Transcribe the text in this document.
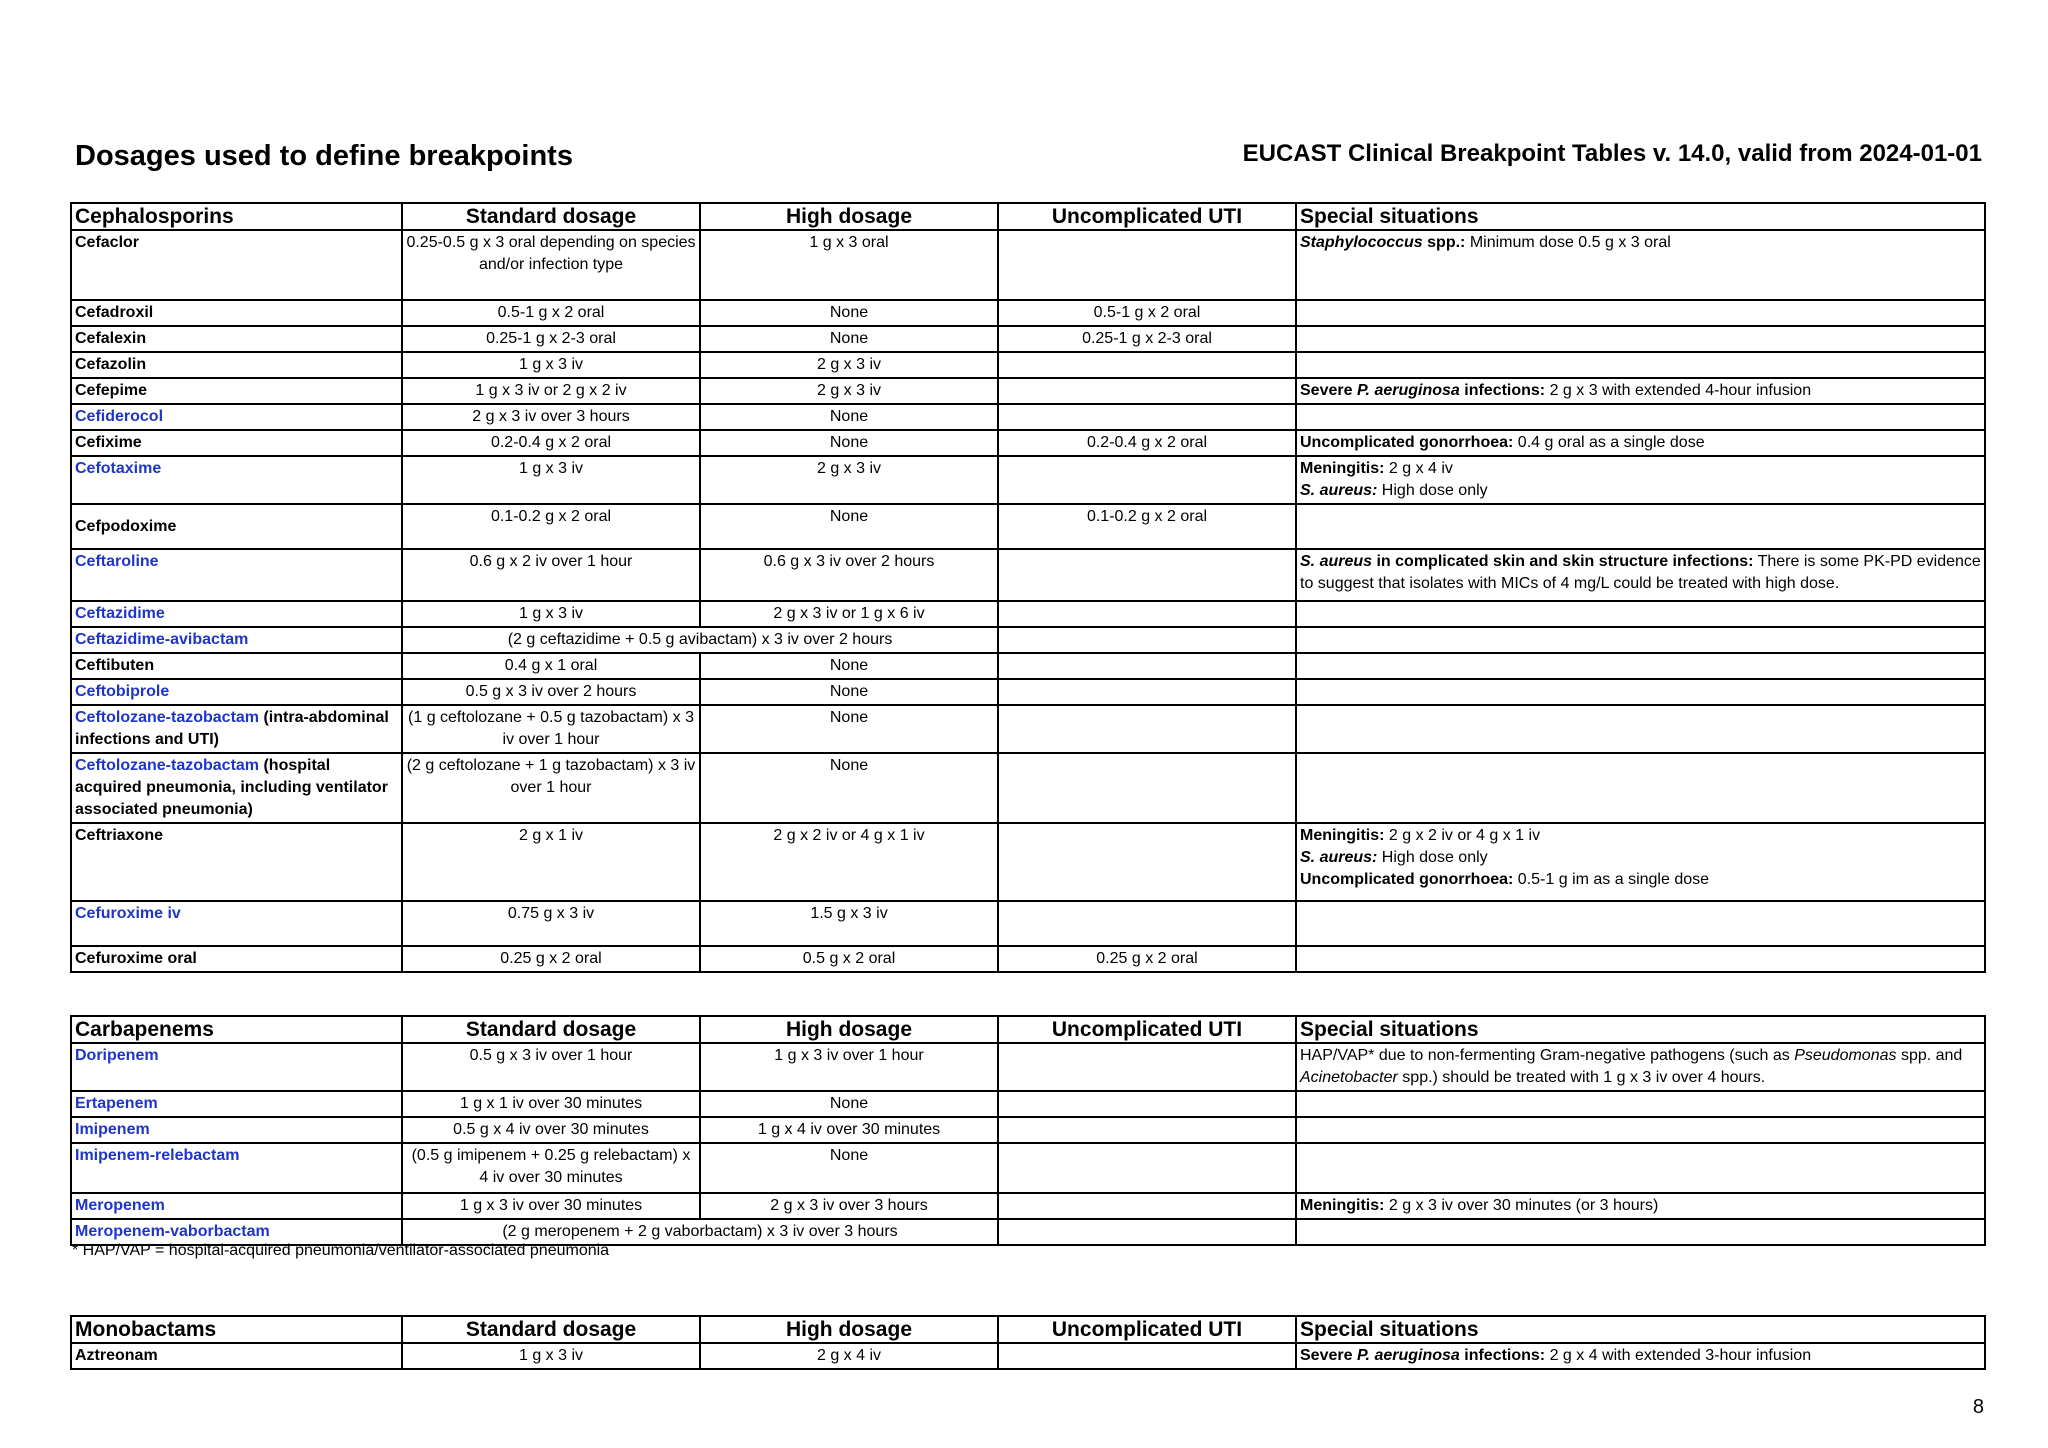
Dosages used to define breakpoints	EUCAST Clinical Breakpoint Tables v. 14.0, valid from 2024-01-01
Cephalosporins	Standard dosage	High dosage	Uncomplicated UTI	Special situations
Cefaclor	0.25-0.5 g x 3 oral depending on species and/or infection type	1 g x 3 oral		Staphylococcus spp.: Minimum dose 0.5 g x 3 oral
Cefadroxil	0.5-1 g x 2 oral	None	0.5-1 g x 2 oral	
Cefalexin	0.25-1 g x 2-3 oral	None	0.25-1 g x 2-3 oral	
Cefazolin	1 g x 3 iv	2 g x 3 iv		
Cefepime	1 g x 3 iv or 2 g x 2 iv	2 g x 3 iv		Severe P. aeruginosa infections: 2 g x 3 with extended 4-hour infusion
Cefiderocol	2 g x 3 iv over 3 hours	None		
Cefixime	0.2-0.4 g x 2 oral	None	0.2-0.4 g x 2 oral	Uncomplicated gonorrhoea: 0.4 g oral as a single dose
Cefotaxime	1 g x 3 iv	2 g x 3 iv		Meningitis: 2 g x 4 iv
S. aureus: High dose only

Cefpodoxime	0.1-0.2 g x 2 oral	None	0.1-0.2 g x 2 oral	
Ceftaroline	0.6 g x 2 iv over 1 hour	0.6 g x 3 iv over 2 hours		S. aureus in complicated skin and skin structure infections: There is some PK-PD evidence to suggest that isolates with MICs of 4 mg/L could be treated with high dose.
Ceftazidime	1 g x 3 iv	2 g x 3 iv or 1 g x 6 iv		
Ceftazidime-avibactam	(2 g ceftazidime + 0.5 g avibactam) x 3 iv over 2 hours			
Ceftibuten	0.4 g x 1 oral	None		
Ceftobiprole	0.5 g x 3 iv over 2 hours	None		
Ceftolozane-tazobactam (intra-abdominal infections and UTI)	(1 g ceftolozane + 0.5 g tazobactam) x 3 iv over 1 hour	None		
Ceftolozane-tazobactam (hospital acquired pneumonia, including ventilator associated pneumonia)	(2 g ceftolozane + 1 g tazobactam) x 3 iv over 1 hour	None		
Ceftriaxone	2 g x 1 iv	2 g x 2 iv or 4 g x 1 iv		Meningitis: 2 g x 2 iv or 4 g x 1 iv
S. aureus: High dose only
Uncomplicated gonorrhoea: 0.5-1 g im as a single dose

Cefuroxime iv	0.75 g x 3 iv	1.5 g x 3 iv		
Cefuroxime oral	0.25 g x 2 oral	0.5 g x 2 oral	0.25 g x 2 oral	
Carbapenems	Standard dosage	High dosage	Uncomplicated UTI	Special situations
Doripenem	0.5 g x 3 iv over 1 hour	1 g x 3 iv over 1 hour		HAP/VAP* due to non-fermenting Gram-negative pathogens (such as Pseudomonas spp. and Acinetobacter spp.) should be treated with 1 g x 3 iv over 4 hours.
Ertapenem	1 g x 1 iv over 30 minutes	None		
Imipenem	0.5 g x 4 iv over 30 minutes	1 g x 4 iv over 30 minutes		
Imipenem-relebactam	(0.5 g imipenem + 0.25 g relebactam) x 4 iv over 30 minutes	None		
Meropenem	1 g x 3 iv over 30 minutes	2 g x 3 iv over 3 hours		Meningitis: 2 g x 3 iv over 30 minutes (or 3 hours)
Meropenem-vaborbactam	(2 g meropenem + 2 g vaborbactam) x 3 iv over 3 hours			
* HAP/VAP = hospital-acquired pneumonia/ventilator-associated pneumonia
Monobactams	Standard dosage	High dosage	Uncomplicated UTI	Special situations
Aztreonam	1 g x 3 iv	2 g x 4 iv		Severe P. aeruginosa infections: 2 g x 4 with extended 3-hour infusion
8
